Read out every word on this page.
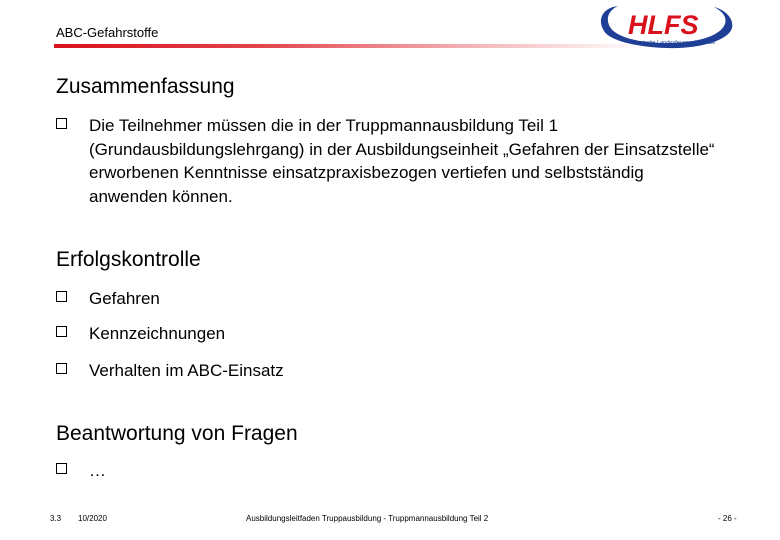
ABC-Gefahrstoffe	HLFS
Hessische Landesfeuerwehrschule
Zusammenfassung
Die Teilnehmer müssen die in der Truppmannausbildung Teil 1 (Grundausbildungslehrgang) in der Ausbildungseinheit „Gefahren der Einsatzstelle“ erworbenen Kenntnisse einsatzpraxisbezogen vertiefen und selbstständig anwenden können.
Erfolgskontrolle
Gefahren
Kennzeichnungen
Verhalten im ABC-Einsatz
Beantwortung von Fragen
…
3.3 10/2020	Ausbildungsleitfaden Truppausbildung - Truppmannausbildung Teil 2	- 26 -
